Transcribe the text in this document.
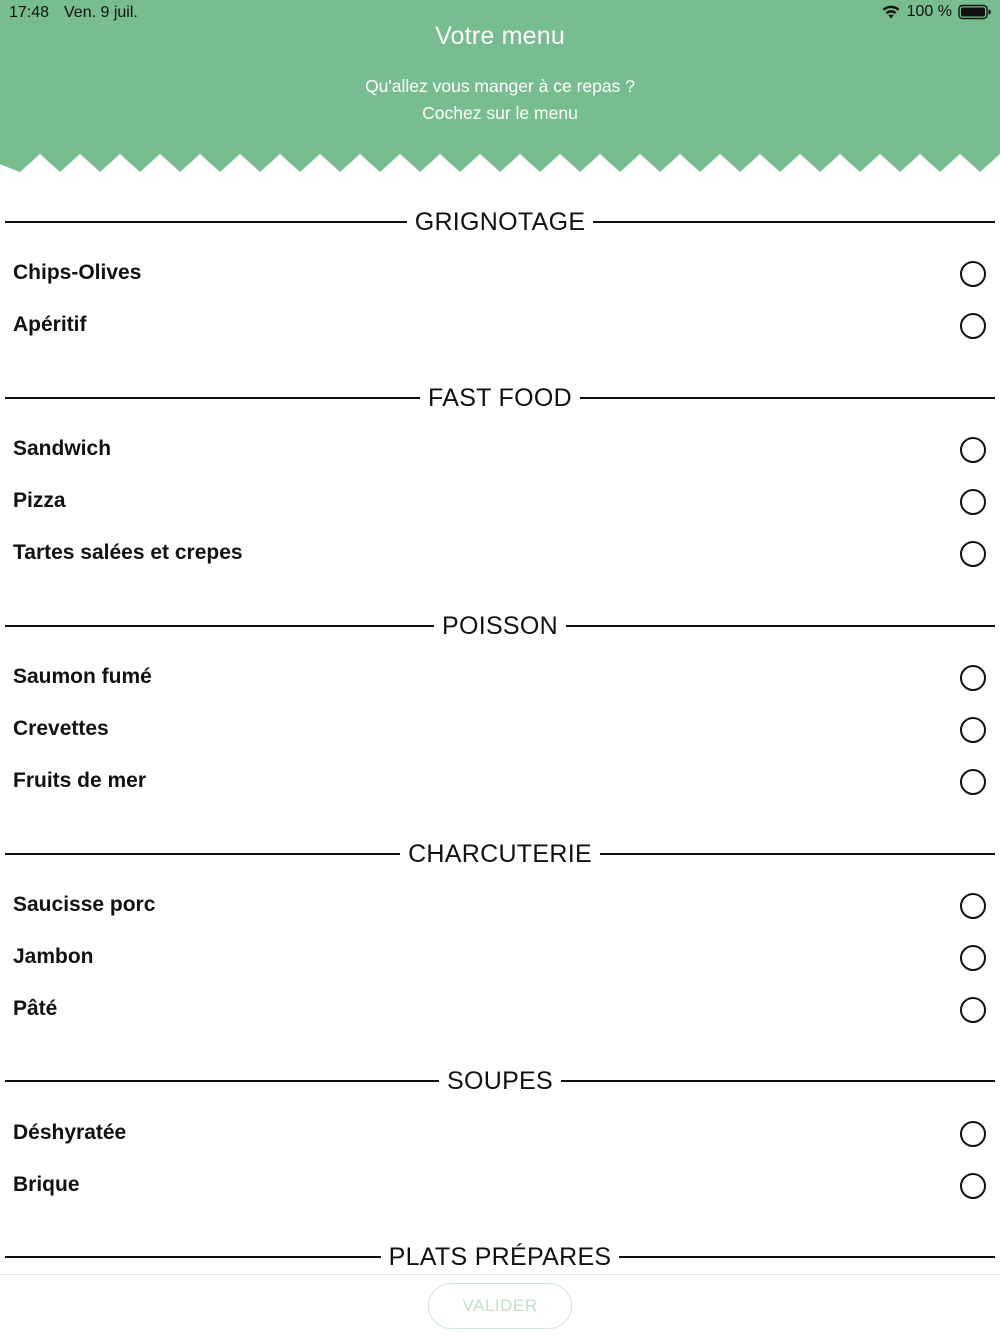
17:48 Ven. 9 juil.	100 %
Votre menu

Qu'allez vous manger à ce repas ?

Cochez sur le menu

GRIGNOTAGE
Chips-Olives
Apéritif
FAST FOOD
Sandwich
Pizza
Tartes salées et crepes
POISSON
Saumon fumé
Crevettes
Fruits de mer
CHARCUTERIE
Saucisse porc
Jambon
Pâté
SOUPES
Déshyratée
Brique
PLATS PRÉPARES
VALIDER
